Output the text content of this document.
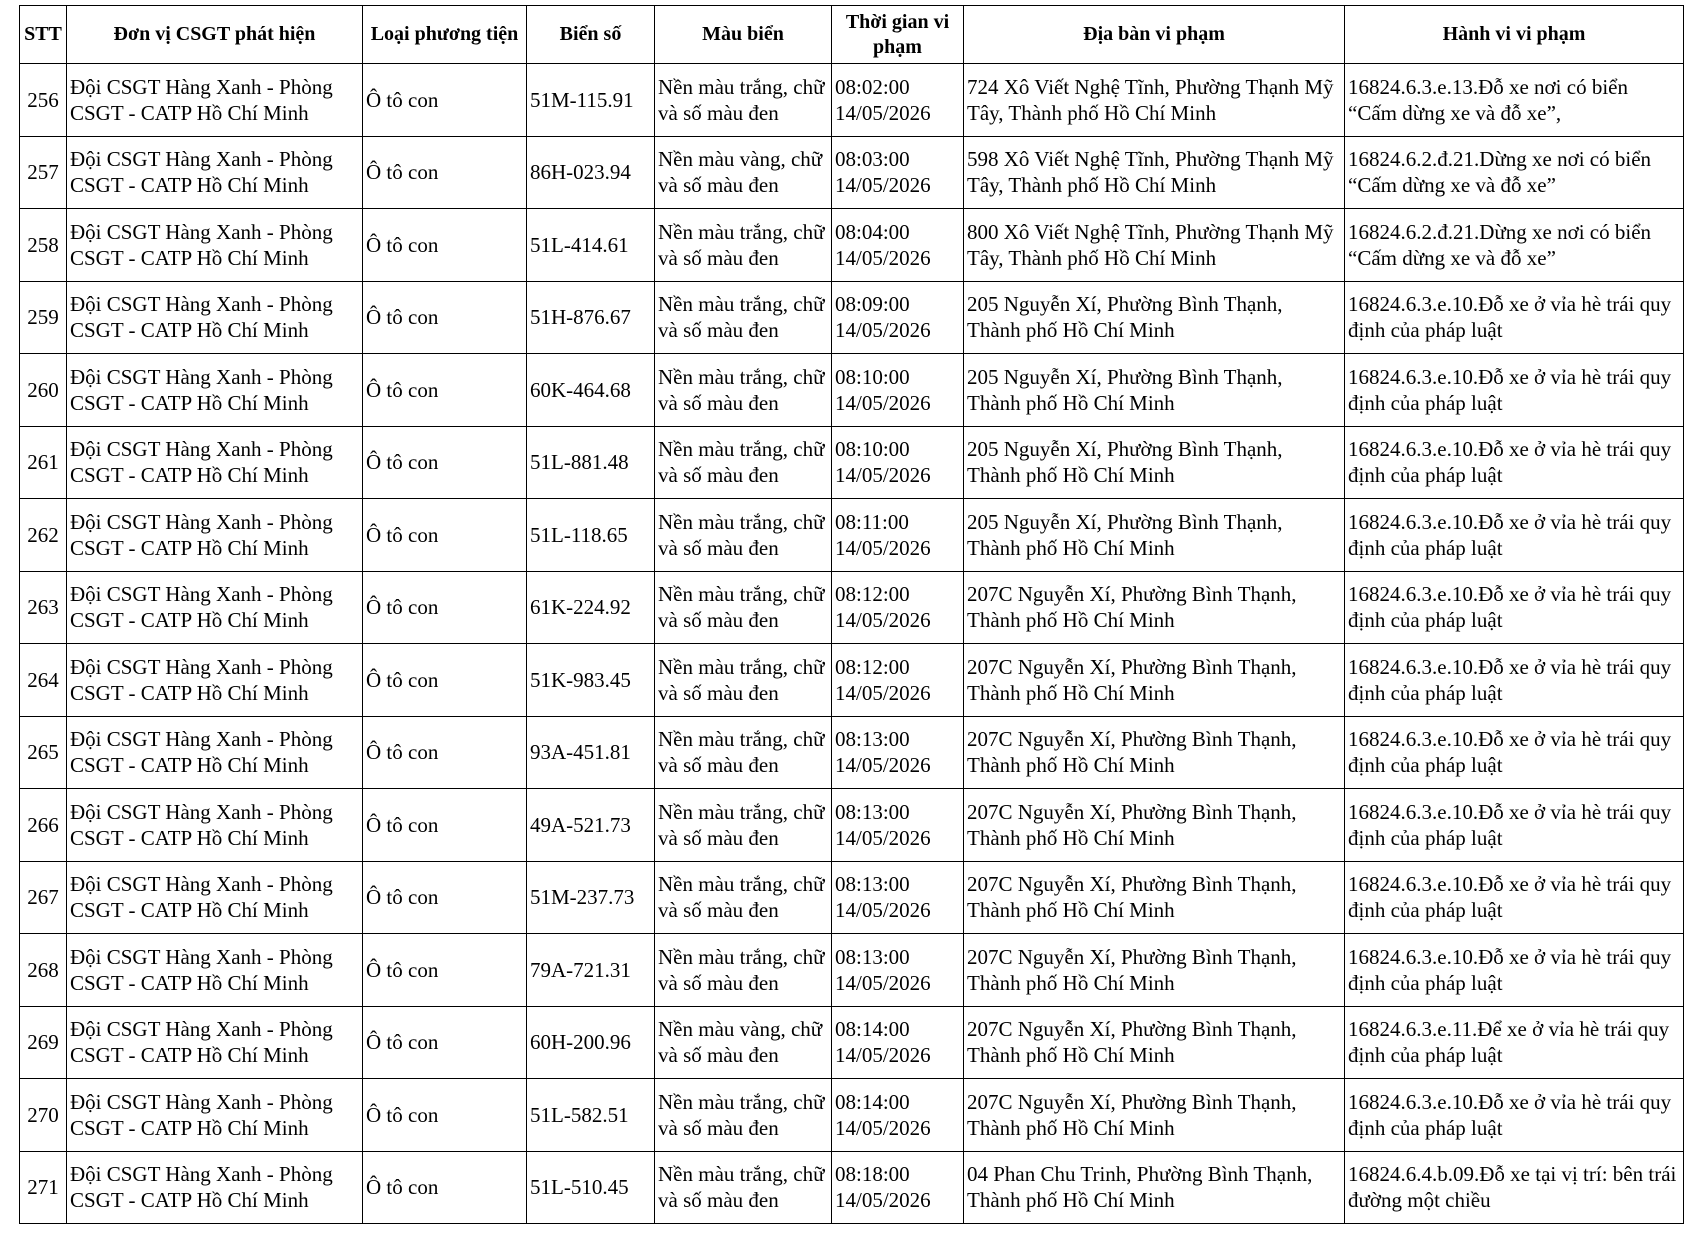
STT	Đơn vị CSGT phát hiện	Loại phương tiện	Biển số	Màu biển	Thời gian vi phạm	Địa bàn vi phạm	Hành vi vi phạm
256	Đội CSGT Hàng Xanh - Phòng CSGT - CATP Hồ Chí Minh	Ô tô con	51M-115.91	Nền màu trắng, chữ và số màu đen	08:02:00 14/05/2026	724 Xô Viết Nghệ Tĩnh, Phường Thạnh Mỹ Tây, Thành phố Hồ Chí Minh	16824.6.3.e.13.Đỗ xe nơi có biển “Cấm dừng xe và đỗ xe”,
257	Đội CSGT Hàng Xanh - Phòng CSGT - CATP Hồ Chí Minh	Ô tô con	86H-023.94	Nền màu vàng, chữ và số màu đen	08:03:00 14/05/2026	598 Xô Viết Nghệ Tĩnh, Phường Thạnh Mỹ Tây, Thành phố Hồ Chí Minh	16824.6.2.đ.21.Dừng xe nơi có biển “Cấm dừng xe và đỗ xe”
258	Đội CSGT Hàng Xanh - Phòng CSGT - CATP Hồ Chí Minh	Ô tô con	51L-414.61	Nền màu trắng, chữ và số màu đen	08:04:00 14/05/2026	800 Xô Viết Nghệ Tĩnh, Phường Thạnh Mỹ Tây, Thành phố Hồ Chí Minh	16824.6.2.đ.21.Dừng xe nơi có biển “Cấm dừng xe và đỗ xe”
259	Đội CSGT Hàng Xanh - Phòng CSGT - CATP Hồ Chí Minh	Ô tô con	51H-876.67	Nền màu trắng, chữ và số màu đen	08:09:00 14/05/2026	205 Nguyễn Xí, Phường Bình Thạnh, Thành phố Hồ Chí Minh	16824.6.3.e.10.Đỗ xe ở vỉa hè trái quy định của pháp luật
260	Đội CSGT Hàng Xanh - Phòng CSGT - CATP Hồ Chí Minh	Ô tô con	60K-464.68	Nền màu trắng, chữ và số màu đen	08:10:00 14/05/2026	205 Nguyễn Xí, Phường Bình Thạnh, Thành phố Hồ Chí Minh	16824.6.3.e.10.Đỗ xe ở vỉa hè trái quy định của pháp luật
261	Đội CSGT Hàng Xanh - Phòng CSGT - CATP Hồ Chí Minh	Ô tô con	51L-881.48	Nền màu trắng, chữ và số màu đen	08:10:00 14/05/2026	205 Nguyễn Xí, Phường Bình Thạnh, Thành phố Hồ Chí Minh	16824.6.3.e.10.Đỗ xe ở vỉa hè trái quy định của pháp luật
262	Đội CSGT Hàng Xanh - Phòng CSGT - CATP Hồ Chí Minh	Ô tô con	51L-118.65	Nền màu trắng, chữ và số màu đen	08:11:00 14/05/2026	205 Nguyễn Xí, Phường Bình Thạnh, Thành phố Hồ Chí Minh	16824.6.3.e.10.Đỗ xe ở vỉa hè trái quy định của pháp luật
263	Đội CSGT Hàng Xanh - Phòng CSGT - CATP Hồ Chí Minh	Ô tô con	61K-224.92	Nền màu trắng, chữ và số màu đen	08:12:00 14/05/2026	207C Nguyễn Xí, Phường Bình Thạnh, Thành phố Hồ Chí Minh	16824.6.3.e.10.Đỗ xe ở vỉa hè trái quy định của pháp luật
264	Đội CSGT Hàng Xanh - Phòng CSGT - CATP Hồ Chí Minh	Ô tô con	51K-983.45	Nền màu trắng, chữ và số màu đen	08:12:00 14/05/2026	207C Nguyễn Xí, Phường Bình Thạnh, Thành phố Hồ Chí Minh	16824.6.3.e.10.Đỗ xe ở vỉa hè trái quy định của pháp luật
265	Đội CSGT Hàng Xanh - Phòng CSGT - CATP Hồ Chí Minh	Ô tô con	93A-451.81	Nền màu trắng, chữ và số màu đen	08:13:00 14/05/2026	207C Nguyễn Xí, Phường Bình Thạnh, Thành phố Hồ Chí Minh	16824.6.3.e.10.Đỗ xe ở vỉa hè trái quy định của pháp luật
266	Đội CSGT Hàng Xanh - Phòng CSGT - CATP Hồ Chí Minh	Ô tô con	49A-521.73	Nền màu trắng, chữ và số màu đen	08:13:00 14/05/2026	207C Nguyễn Xí, Phường Bình Thạnh, Thành phố Hồ Chí Minh	16824.6.3.e.10.Đỗ xe ở vỉa hè trái quy định của pháp luật
267	Đội CSGT Hàng Xanh - Phòng CSGT - CATP Hồ Chí Minh	Ô tô con	51M-237.73	Nền màu trắng, chữ và số màu đen	08:13:00 14/05/2026	207C Nguyễn Xí, Phường Bình Thạnh, Thành phố Hồ Chí Minh	16824.6.3.e.10.Đỗ xe ở vỉa hè trái quy định của pháp luật
268	Đội CSGT Hàng Xanh - Phòng CSGT - CATP Hồ Chí Minh	Ô tô con	79A-721.31	Nền màu trắng, chữ và số màu đen	08:13:00 14/05/2026	207C Nguyễn Xí, Phường Bình Thạnh, Thành phố Hồ Chí Minh	16824.6.3.e.10.Đỗ xe ở vỉa hè trái quy định của pháp luật
269	Đội CSGT Hàng Xanh - Phòng CSGT - CATP Hồ Chí Minh	Ô tô con	60H-200.96	Nền màu vàng, chữ và số màu đen	08:14:00 14/05/2026	207C Nguyễn Xí, Phường Bình Thạnh, Thành phố Hồ Chí Minh	16824.6.3.e.11.Để xe ở vỉa hè trái quy định của pháp luật
270	Đội CSGT Hàng Xanh - Phòng CSGT - CATP Hồ Chí Minh	Ô tô con	51L-582.51	Nền màu trắng, chữ và số màu đen	08:14:00 14/05/2026	207C Nguyễn Xí, Phường Bình Thạnh, Thành phố Hồ Chí Minh	16824.6.3.e.10.Đỗ xe ở vỉa hè trái quy định của pháp luật
271	Đội CSGT Hàng Xanh - Phòng CSGT - CATP Hồ Chí Minh	Ô tô con	51L-510.45	Nền màu trắng, chữ và số màu đen	08:18:00 14/05/2026	04 Phan Chu Trinh, Phường Bình Thạnh, Thành phố Hồ Chí Minh	16824.6.4.b.09.Đỗ xe tại vị trí: bên trái đường một chiều
